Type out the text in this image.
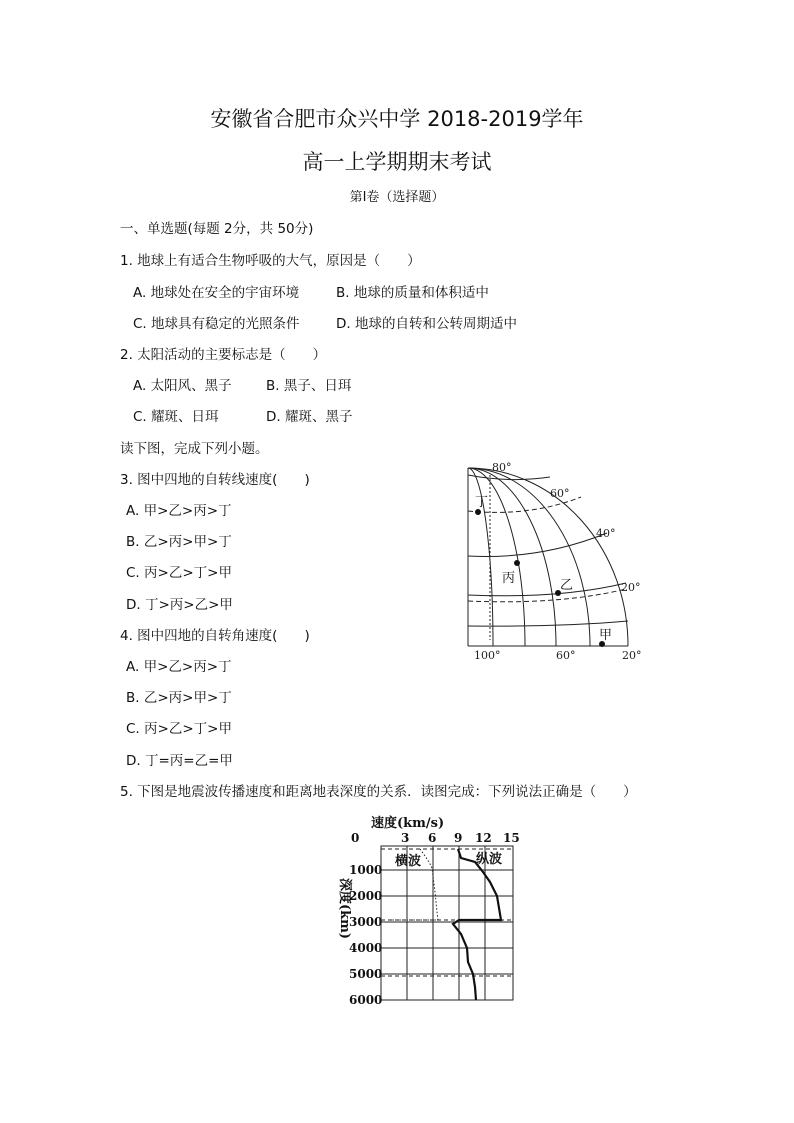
安徽省合肥市众兴中学 2018-2019学年
高一上学期期末考试
第Ⅰ卷（选择题）
一、单选题(每题 2分，共 50分)
1. 地球上有适合生物呼吸的大气，原因是（　　）
A. 地球处在安全的宇宙环境	B. 地球的质量和体积适中
C. 地球具有稳定的光照条件	D. 地球的自转和公转周期适中
2. 太阳活动的主要标志是（　　）
A. 太阳风、黑子	B. 黑子、日珥
C. 耀斑、日珥	D. 耀斑、黑子
读下图，完成下列小题。
3. 图中四地的自转线速度(　　)
A. 甲>乙>丙>丁
B. 乙>丙>甲>丁
C. 丙>乙>丁>甲
D. 丁>丙>乙>甲
4. 图中四地的自转角速度(　　)
A. 甲>乙>丙>丁
B. 乙>丙>甲>丁
C. 丙>乙>丁>甲
D. 丁=丙=乙=甲
5. 下图是地震波传播速度和距离地表深度的关系．读图完成：下列说法正确是（　　）
80°
60°
40°
20°
100°	60°	20°
甲
乙
丙
丁
速度(km/s)
0	3 6 9 12 15
1000
2000
3000
4000
5000
6000
深度(km)
横波	纵波
